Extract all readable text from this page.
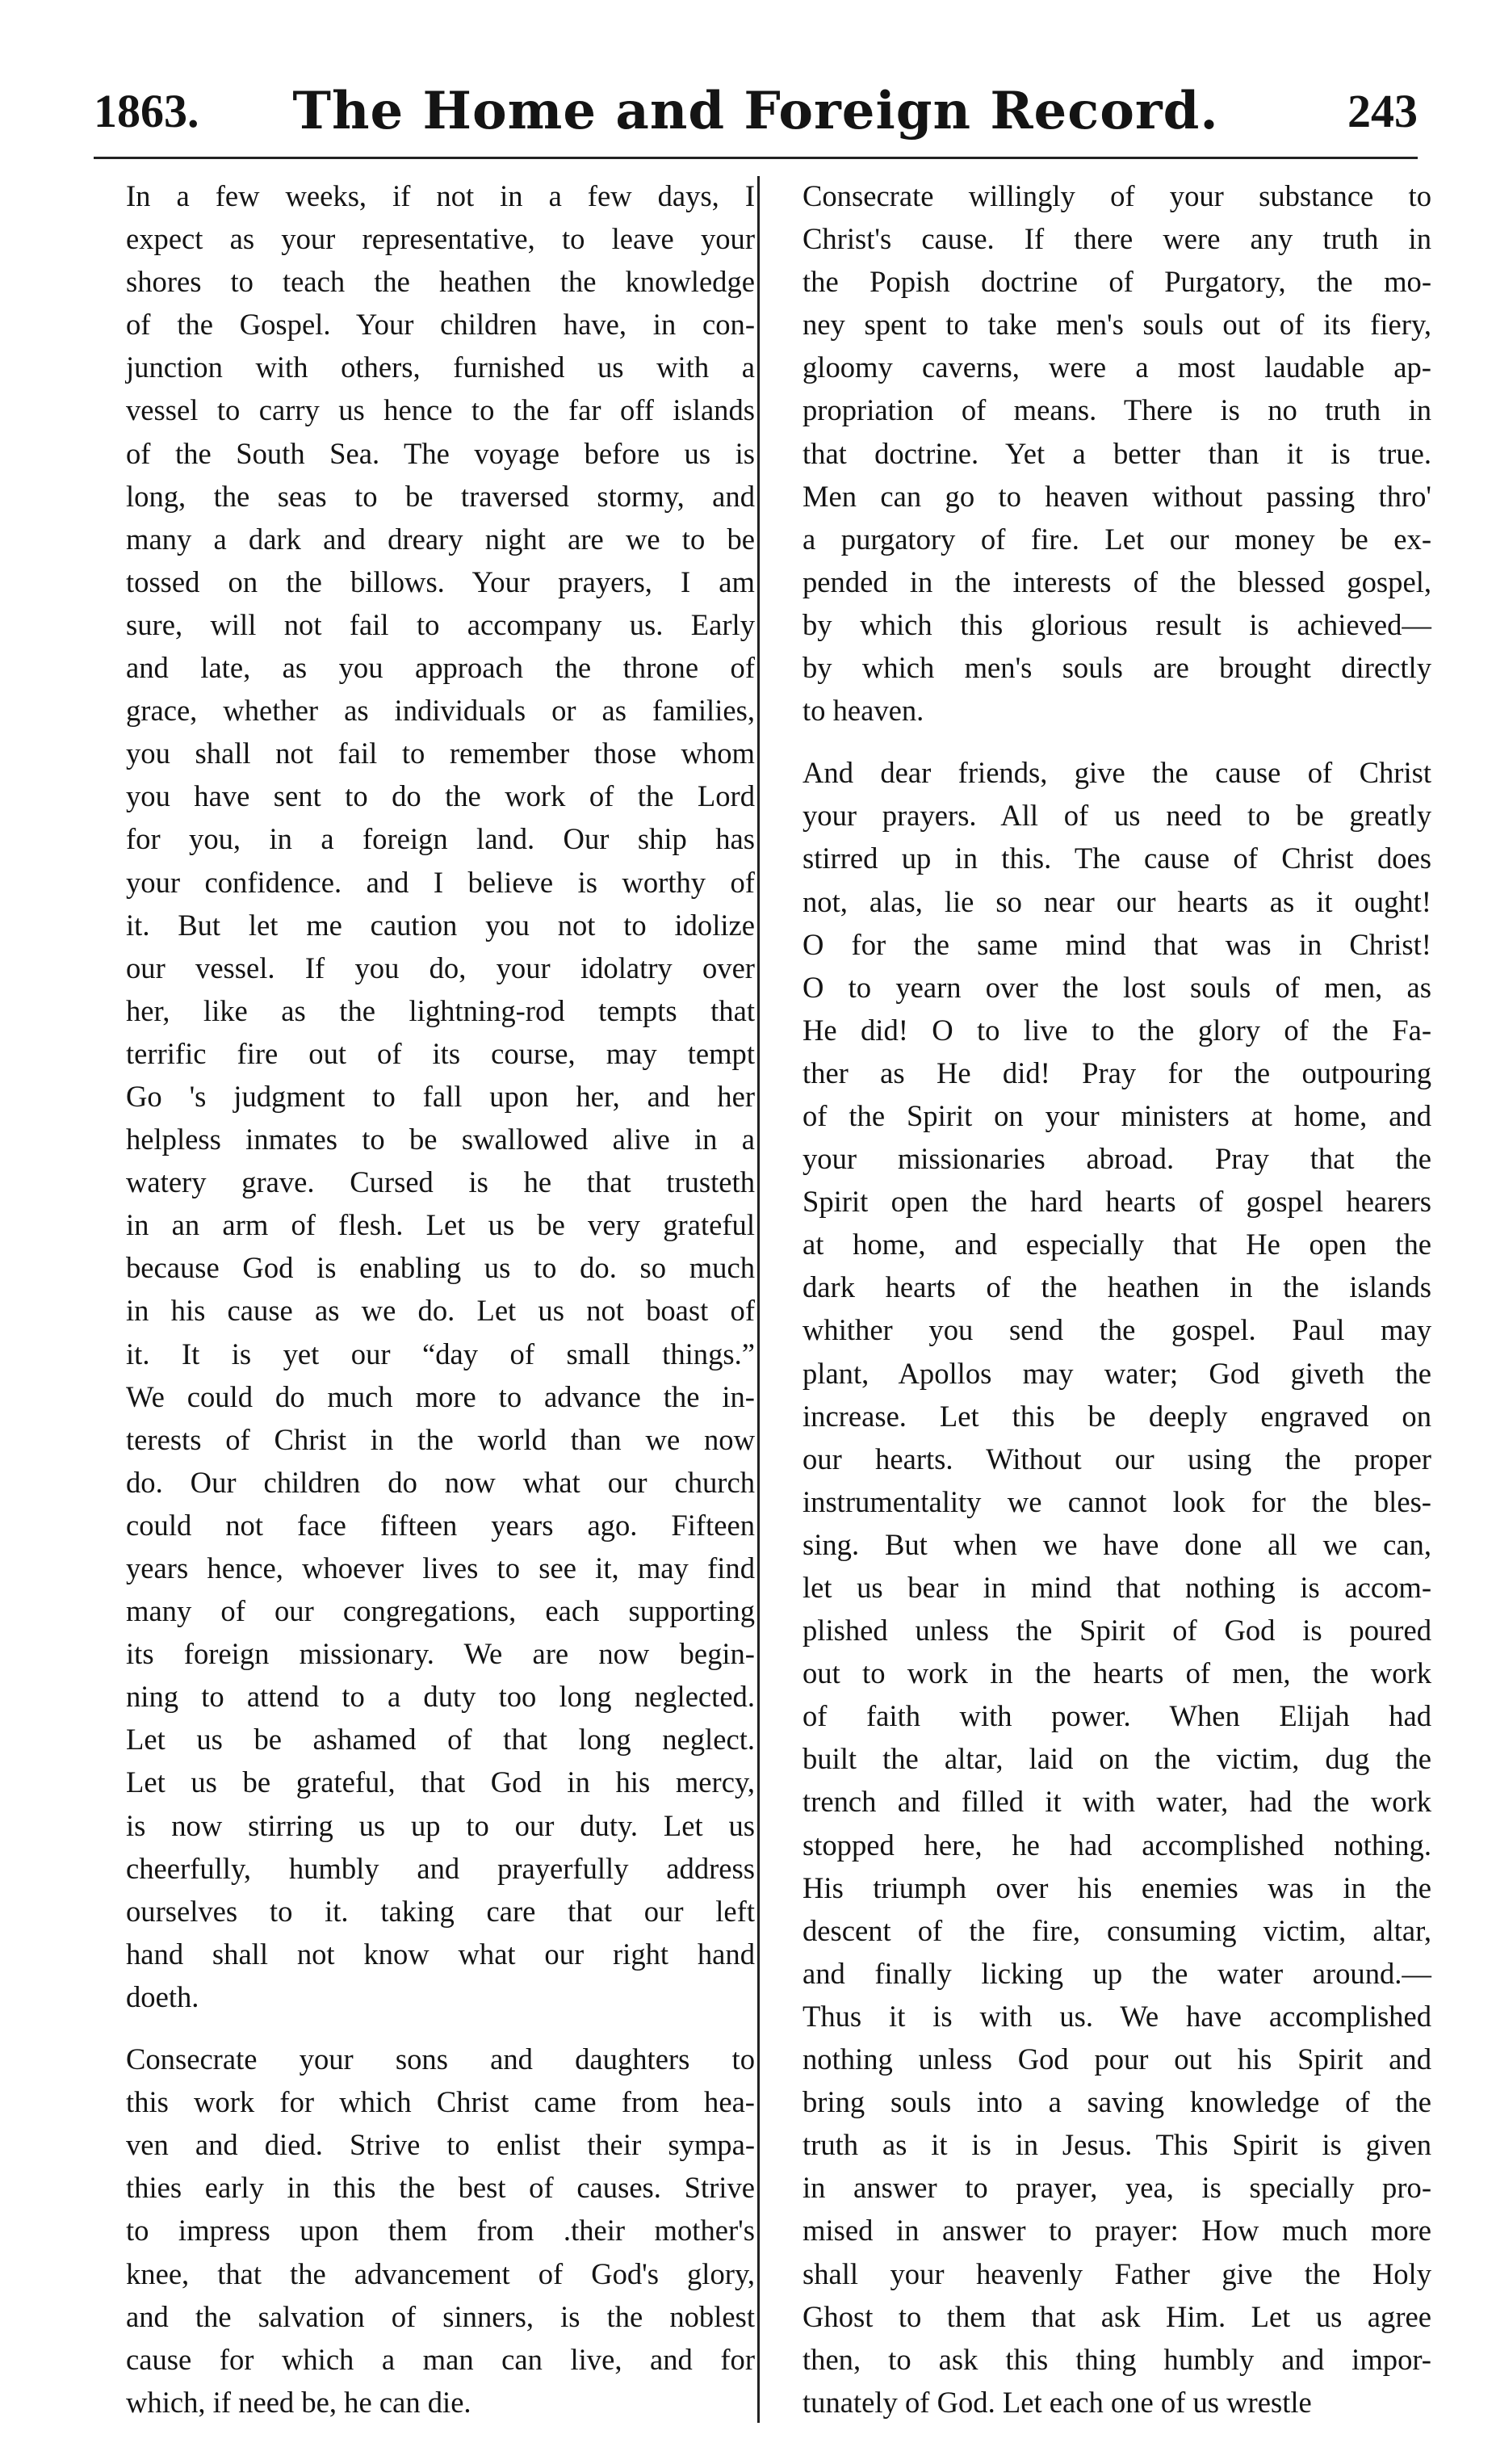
1863.	The Home and Foreign Record.	243

In a few weeks, if not in a few days, I
expect as your representative, to leave your
shores to teach the heathen the knowledge
of the Gospel. Your children have, in con-
junction with others, furnished us with a
vessel to carry us hence to the far off islands
of the South Sea. The voyage before us is
long, the seas to be traversed stormy, and
many a dark and dreary night are we to be
tossed on the billows. Your prayers, I am
sure, will not fail to accompany us. Early
and late, as you approach the throne of
grace, whether as individuals or as families,
you shall not fail to remember those whom
you have sent to do the work of the Lord
for you, in a foreign land. Our ship has
your confidence. and I believe is worthy of
it. But let me caution you not to idolize
our vessel. If you do, your idolatry over
her, like as the lightning-rod tempts that
terrific fire out of its course, may tempt
Go 's judgment to fall upon her, and her
helpless inmates to be swallowed alive in a
watery grave. Cursed is he that trusteth
in an arm of flesh. Let us be very grateful
because God is enabling us to do. so much
in his cause as we do. Let us not boast of
it. It is yet our “day of small things.”
We could do much more to advance the in-
terests of Christ in the world than we now
do. Our children do now what our church
could not face fifteen years ago. Fifteen
years hence, whoever lives to see it, may find
many of our congregations, each supporting
its foreign missionary. We are now begin-
ning to attend to a duty too long neglected.
Let us be ashamed of that long neglect.
Let us be grateful, that God in his mercy,
is now stirring us up to our duty. Let us
cheerfully, humbly and prayerfully address
ourselves to it. taking care that our left
hand shall not know what our right hand
doeth.

Consecrate your sons and daughters to
this work for which Christ came from hea-
ven and died. Strive to enlist their sympa-
thies early in this the best of causes. Strive
to impress upon them from .their mother's
knee, that the advancement of God's glory,
and the salvation of sinners, is the noblest
cause for which a man can live, and for
which, if need be, he can die.

Consecrate willingly of your substance to
Christ's cause. If there were any truth in
the Popish doctrine of Purgatory, the mo-
ney spent to take men's souls out of its fiery,
gloomy caverns, were a most laudable ap-
propriation of means. There is no truth in
that doctrine. Yet a better than it is true.
Men can go to heaven without passing thro'
a purgatory of fire. Let our money be ex-
pended in the interests of the blessed gospel,
by which this glorious result is achieved—
by which men's souls are brought directly
to heaven.

And dear friends, give the cause of Christ
your prayers. All of us need to be greatly
stirred up in this. The cause of Christ does
not, alas, lie so near our hearts as it ought!
O for the same mind that was in Christ!
O to yearn over the lost souls of men, as
He did! O to live to the glory of the Fa-
ther as He did! Pray for the outpouring
of the Spirit on your ministers at home, and
your missionaries abroad. Pray that the
Spirit open the hard hearts of gospel hearers
at home, and especially that He open the
dark hearts of the heathen in the islands
whither you send the gospel. Paul may
plant, Apollos may water; God giveth the
increase. Let this be deeply engraved on
our hearts. Without our using the proper
instrumentality we cannot look for the bles-
sing. But when we have done all we can,
let us bear in mind that nothing is accom-
plished unless the Spirit of God is poured
out to work in the hearts of men, the work
of faith with power. When Elijah had
built the altar, laid on the victim, dug the
trench and filled it with water, had the work
stopped here, he had accomplished nothing.
His triumph over his enemies was in the
descent of the fire, consuming victim, altar,
and finally licking up the water around.—
Thus it is with us. We have accomplished
nothing unless God pour out his Spirit and
bring souls into a saving knowledge of the
truth as it is in Jesus. This Spirit is given
in answer to prayer, yea, is specially pro-
mised in answer to prayer: How much more
shall your heavenly Father give the Holy
Ghost to them that ask Him. Let us agree
then, to ask this thing humbly and impor-
tunately of God. Let each one of us wrestle
